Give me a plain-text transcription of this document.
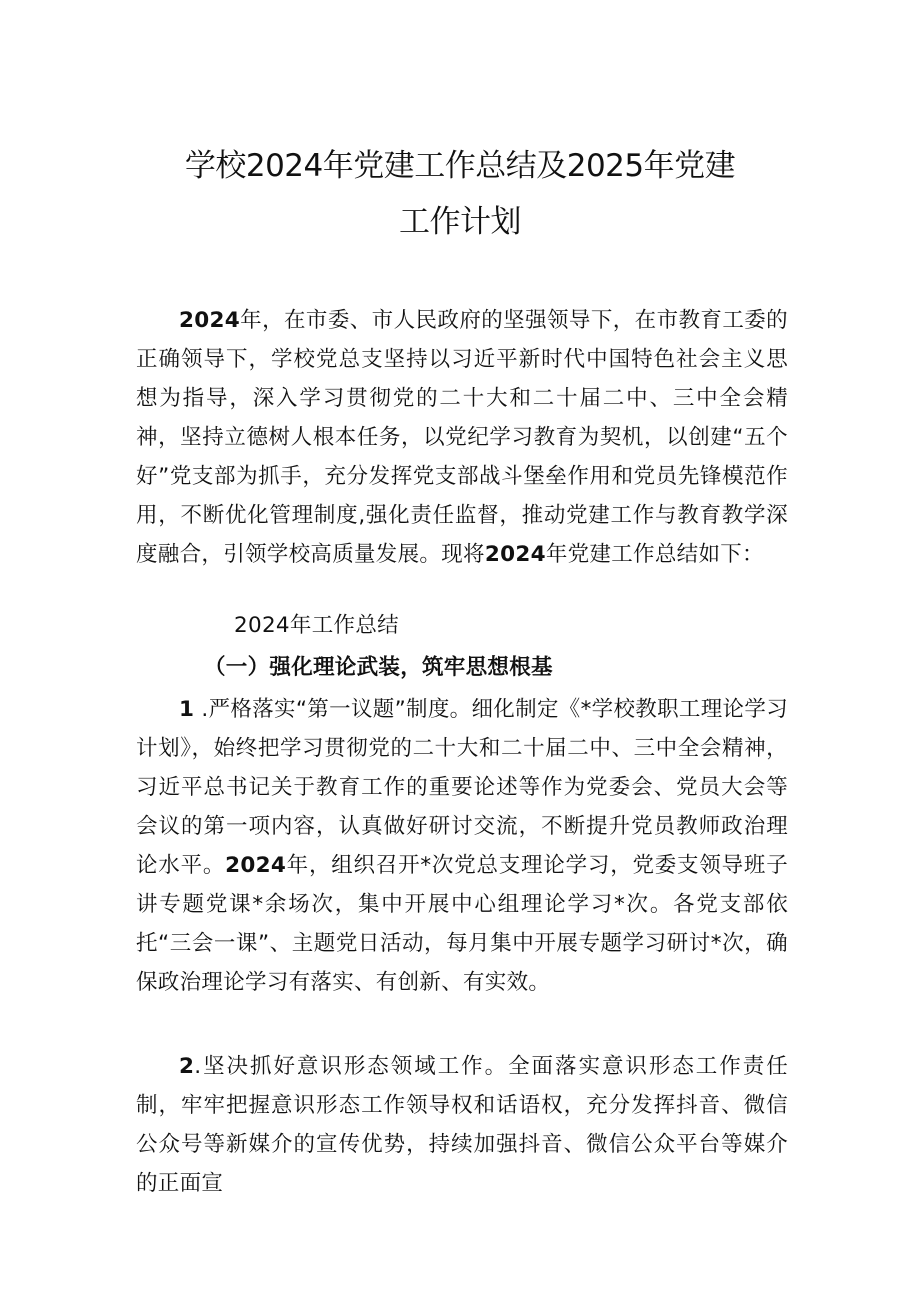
学校2024年党建工作总结及2025年党建
工作计划

2024年，在市委、市人民政府的坚强领导下，在市教育工委的正确领导下，学校党总支坚持以习近平新时代中国特色社会主义思想为指导，深入学习贯彻党的二十大和二十届二中、三中全会精神，坚持立德树人根本任务，以党纪学习教育为契机，以创建“五个好”党支部为抓手，充分发挥党支部战斗堡垒作用和党员先锋模范作用，不断优化管理制度,强化责任监督，推动党建工作与教育教学深度融合，引领学校高质量发展。现将2024年党建工作总结如下：

2024年工作总结
（一）强化理论武装，筑牢思想根基

1 .严格落实“第一议题”制度。细化制定《*学校教职工理论学习计划》，始终把学习贯彻党的二十大和二十届二中、三中全会精神，习近平总书记关于教育工作的重要论述等作为党委会、党员大会等会议的第一项内容，认真做好研讨交流，不断提升党员教师政治理论水平。2024年，组织召开*次党总支理论学习，党委支领导班子讲专题党课*余场次，集中开展中心组理论学习*次。各党支部依托“三会一课”、主题党日活动，每月集中开展专题学习研讨*次，确保政治理论学习有落实、有创新、有实效。

2.坚决抓好意识形态领域工作。全面落实意识形态工作责任制，牢牢把握意识形态工作领导权和话语权，充分发挥抖音、微信公众号等新媒介的宣传优势，持续加强抖音、微信公众平台等媒介的正面宣
